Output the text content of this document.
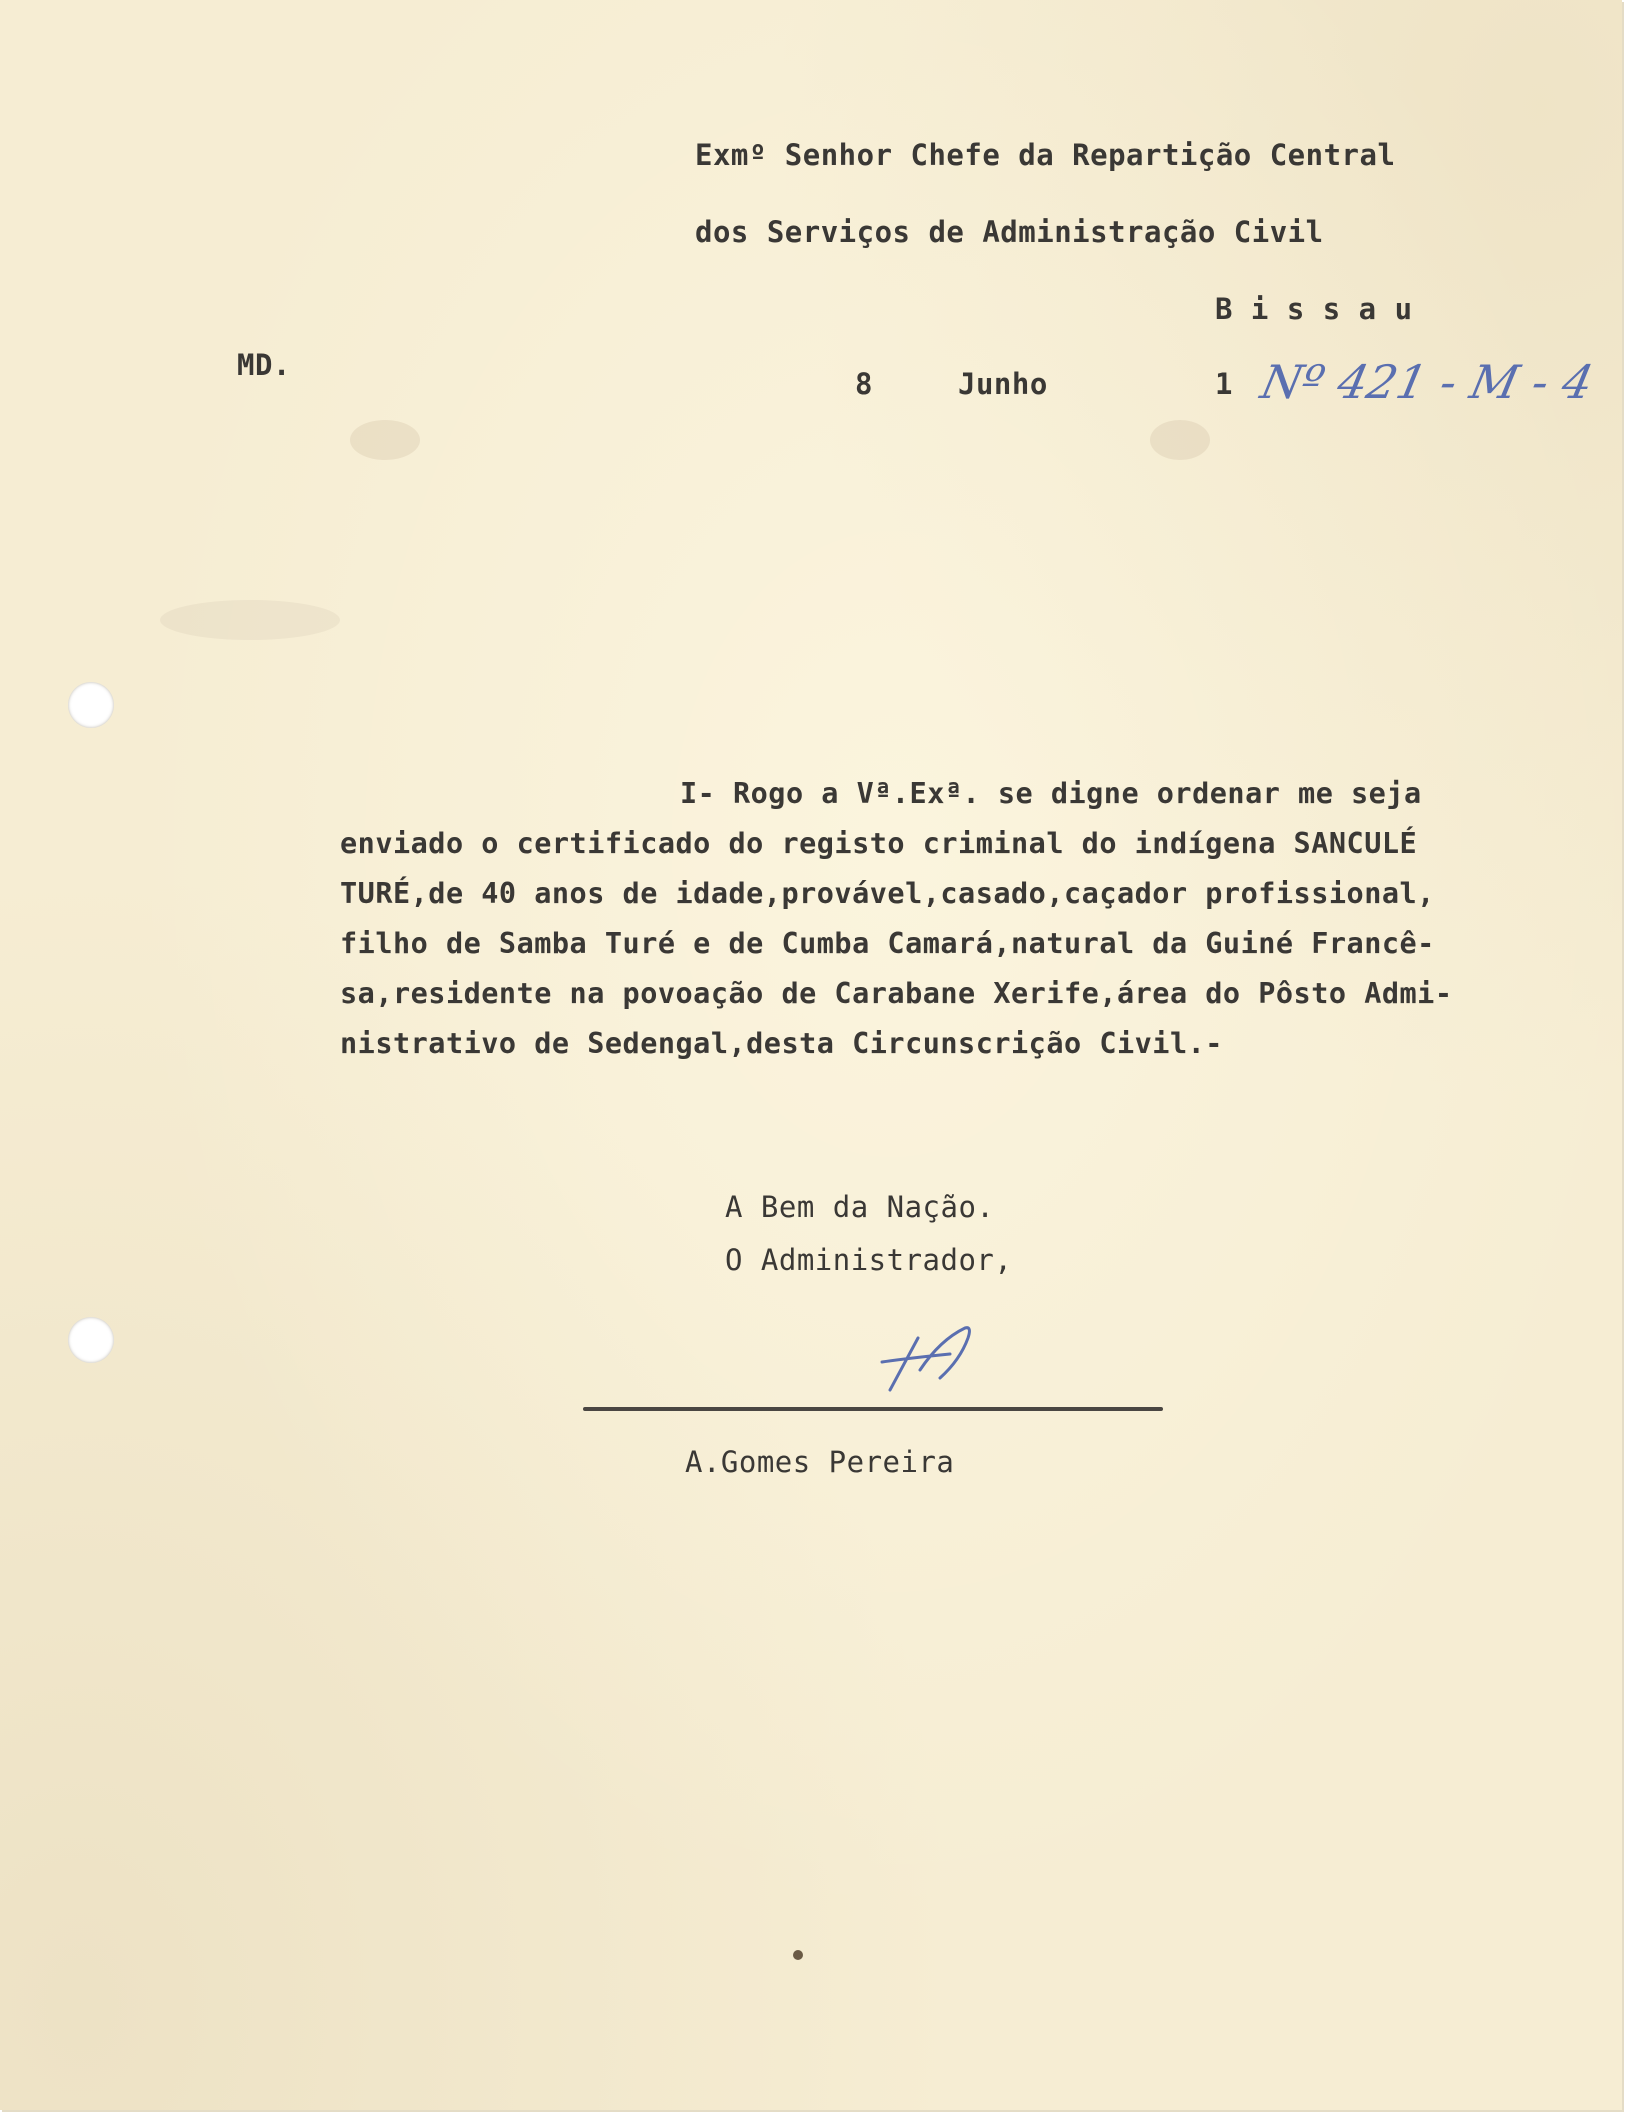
Exmº Senhor Chefe da Repartição Central
dos Serviços de Administração Civil
B i s s a u
MD.
8	Junho	1 Nº 421 - M - 4
I- Rogo a Vª.Exª. se digne ordenar me seja
enviado o certificado do registo criminal do indígena SANCULÉ
TURÉ,de 40 anos de idade,provável,casado,caçador profissional,
filho de Samba Turé e de Cumba Camará,natural da Guiné Francê-
sa,residente na povoação de Carabane Xerife,área do Pôsto Admi-
nistrativo de Sedengal,desta Circunscrição Civil.-
A Bem da Nação.
O Administrador,
A.Gomes Pereira
